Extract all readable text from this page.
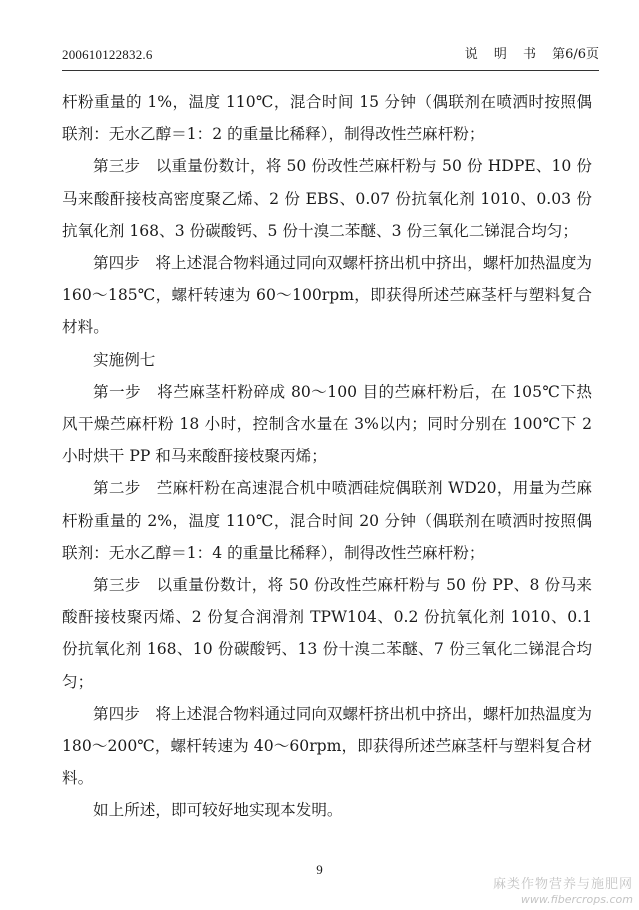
200610122832.6	说 明 书 第6/6页

杆粉重量的 1%，温度 110℃，混合时间 15 分钟（偶联剂在喷洒时按照偶联剂：无水乙醇＝1：2 的重量比稀释），制得改性苎麻杆粉；

第三步　以重量份数计，将 50 份改性苎麻杆粉与 50 份 HDPE、10 份马来酸酐接枝高密度聚乙烯、2 份 EBS、0.07 份抗氧化剂 1010、0.03 份抗氧化剂 168、3 份碳酸钙、5 份十溴二苯醚、3 份三氧化二锑混合均匀；

第四步　将上述混合物料通过同向双螺杆挤出机中挤出，螺杆加热温度为 160～185℃，螺杆转速为 60～100rpm，即获得所述苎麻茎杆与塑料复合材料。

实施例七

第一步　将苎麻茎杆粉碎成 80～100 目的苎麻杆粉后，在 105℃下热风干燥苎麻杆粉 18 小时，控制含水量在 3%以内；同时分别在 100℃下 2 小时烘干 PP 和马来酸酐接枝聚丙烯；

第二步　苎麻杆粉在高速混合机中喷洒硅烷偶联剂 WD20，用量为苎麻杆粉重量的 2%，温度 110℃，混合时间 20 分钟（偶联剂在喷洒时按照偶联剂：无水乙醇＝1：4 的重量比稀释），制得改性苎麻杆粉；

第三步　以重量份数计，将 50 份改性苎麻杆粉与 50 份 PP、8 份马来酸酐接枝聚丙烯、2 份复合润滑剂 TPW104、0.2 份抗氧化剂 1010、0.1 份抗氧化剂 168、10 份碳酸钙、13 份十溴二苯醚、7 份三氧化二锑混合均匀；

第四步　将上述混合物料通过同向双螺杆挤出机中挤出，螺杆加热温度为 180～200℃，螺杆转速为 40～60rpm，即获得所述苎麻茎杆与塑料复合材料。

如上所述，即可较好地实现本发明。

9
麻类作物营养与施肥网
www.fibercrops.com
